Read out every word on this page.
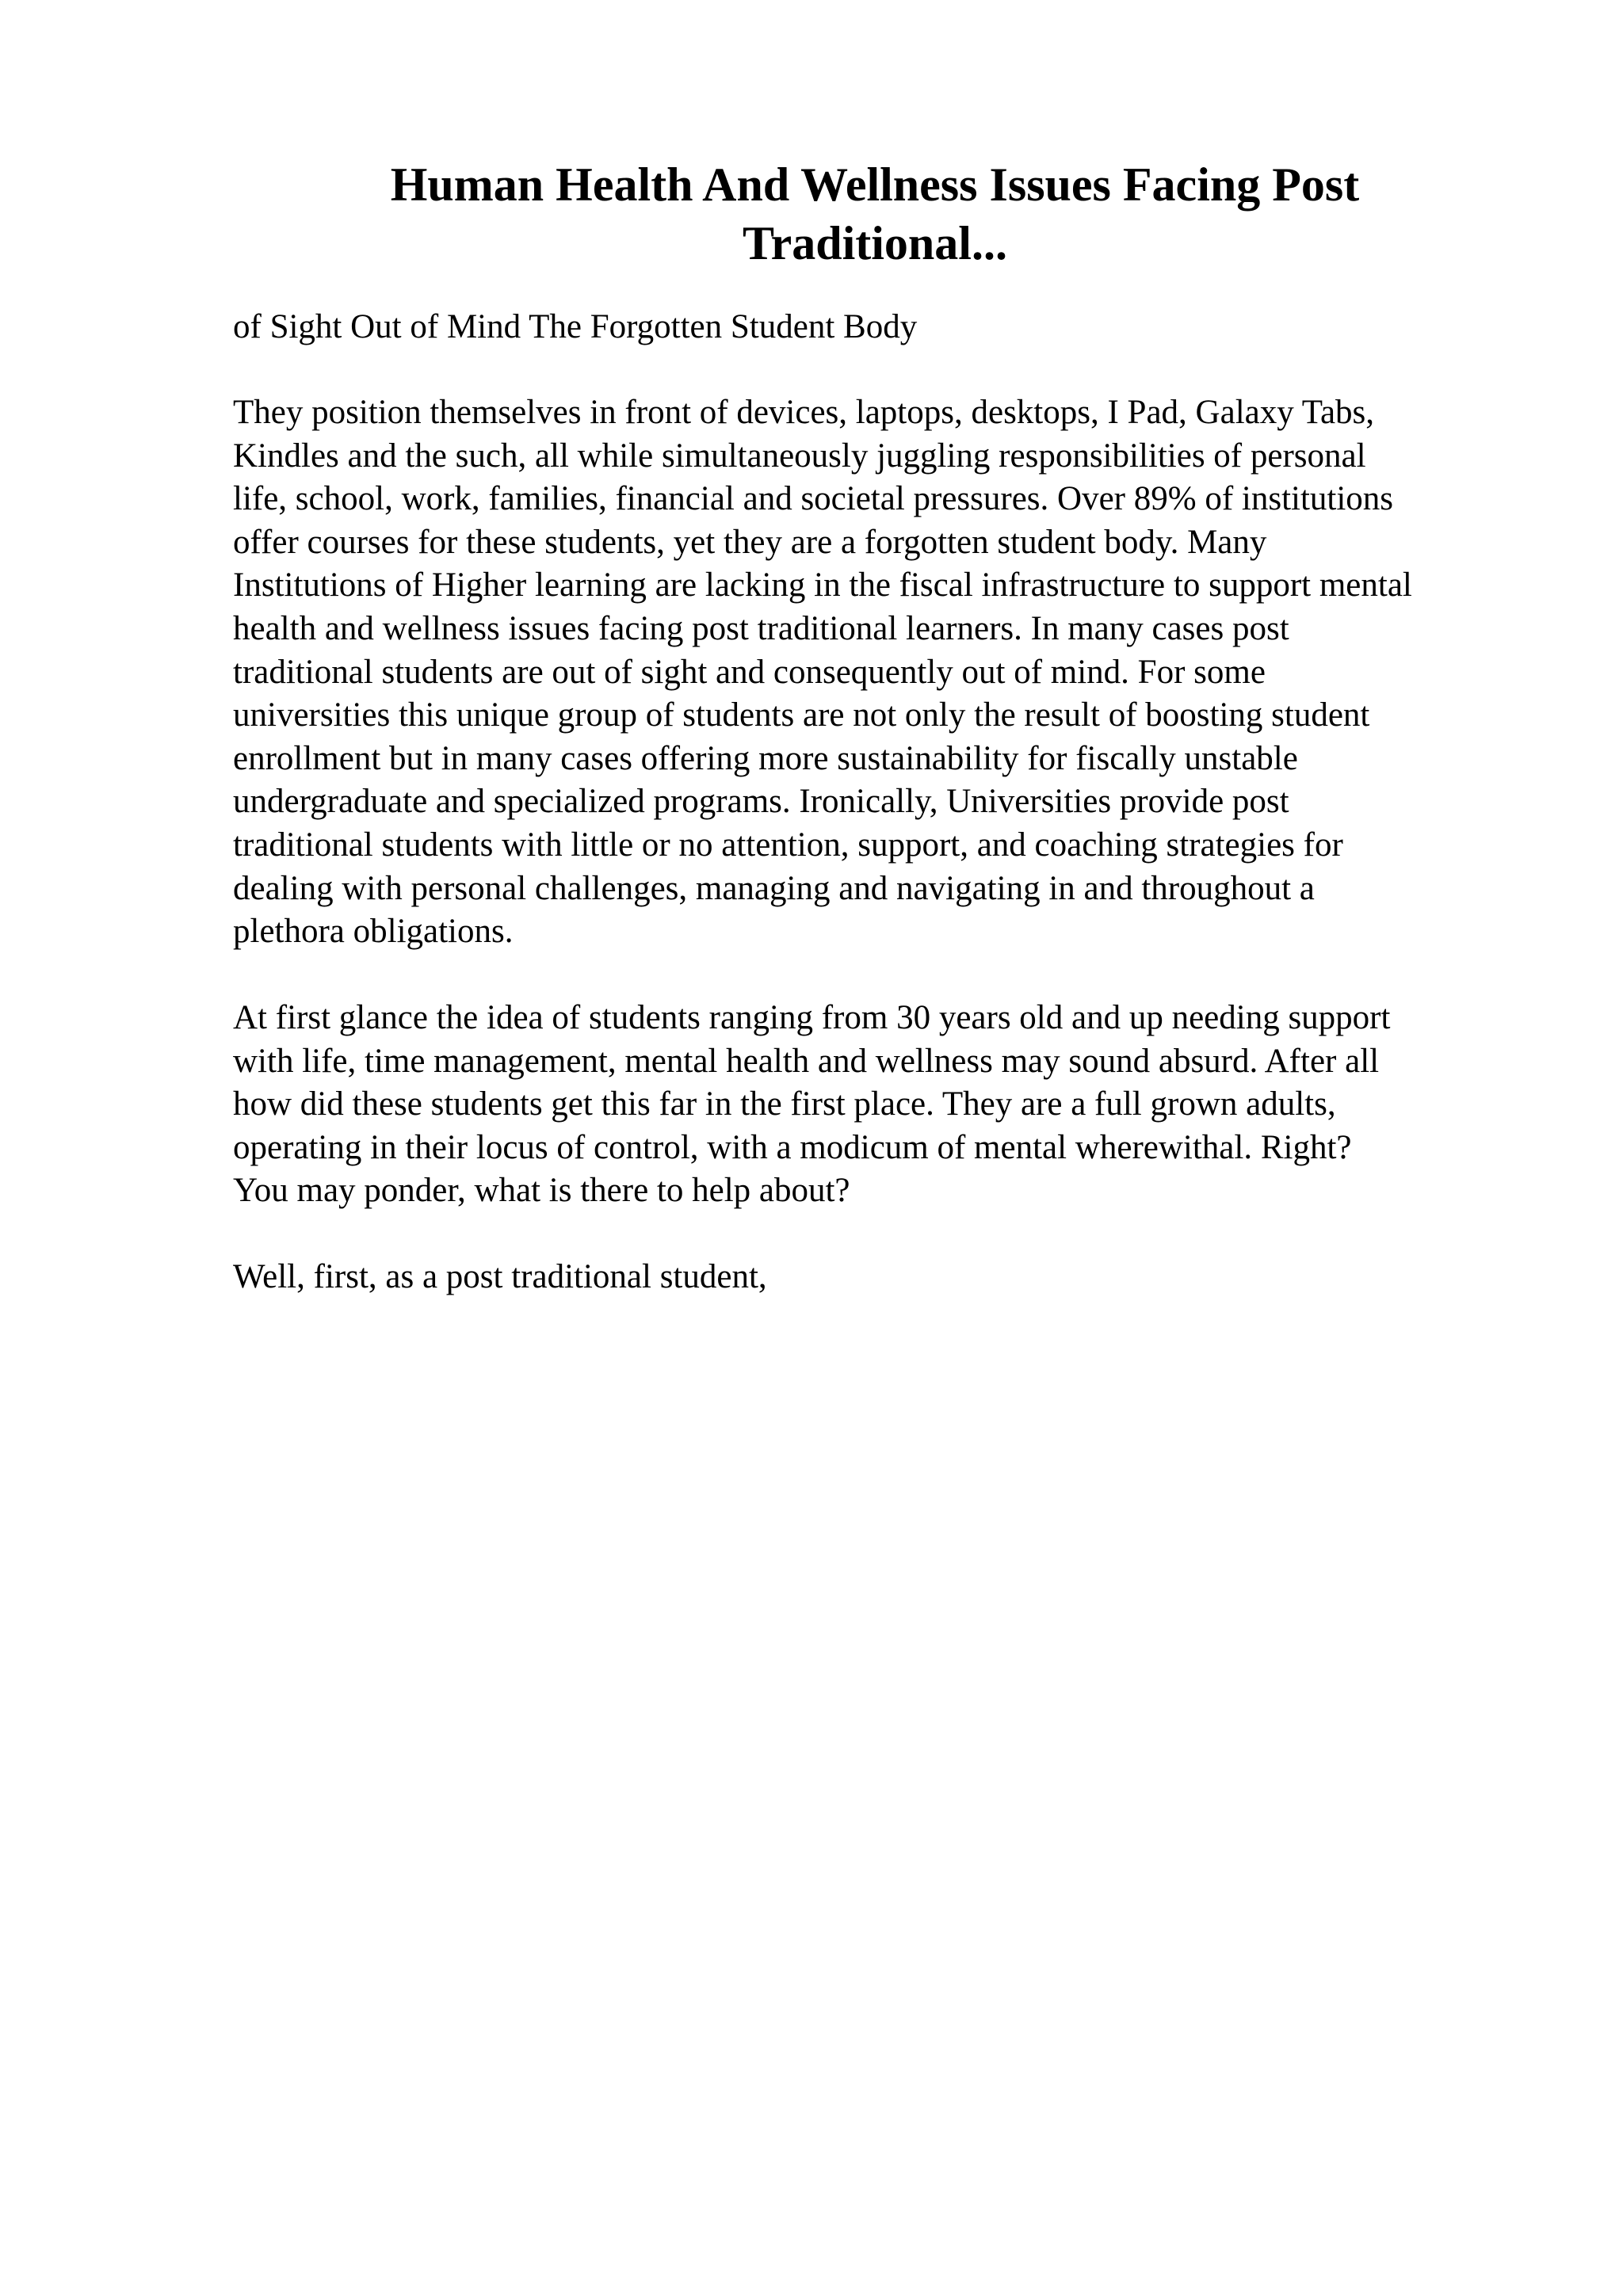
Human Health And Wellness Issues Facing Post
Traditional...

of Sight Out of Mind The Forgotten Student Body

They position themselves in front of devices, laptops, desktops, I Pad, Galaxy Tabs,
Kindles and the such, all while simultaneously juggling responsibilities of personal
life, school, work, families, financial and societal pressures. Over 89% of institutions
offer courses for these students, yet they are a forgotten student body. Many
Institutions of Higher learning are lacking in the fiscal infrastructure to support mental
health and wellness issues facing post traditional learners. In many cases post
traditional students are out of sight and consequently out of mind. For some
universities this unique group of students are not only the result of boosting student
enrollment but in many cases offering more sustainability for fiscally unstable
undergraduate and specialized programs. Ironically, Universities provide post
traditional students with little or no attention, support, and coaching strategies for
dealing with personal challenges, managing and navigating in and throughout a
plethora obligations.

At first glance the idea of students ranging from 30 years old and up needing support
with life, time management, mental health and wellness may sound absurd. After all
how did these students get this far in the first place. They are a full grown adults,
operating in their locus of control, with a modicum of mental wherewithal. Right?
You may ponder, what is there to help about?

Well, first, as a post traditional student,
